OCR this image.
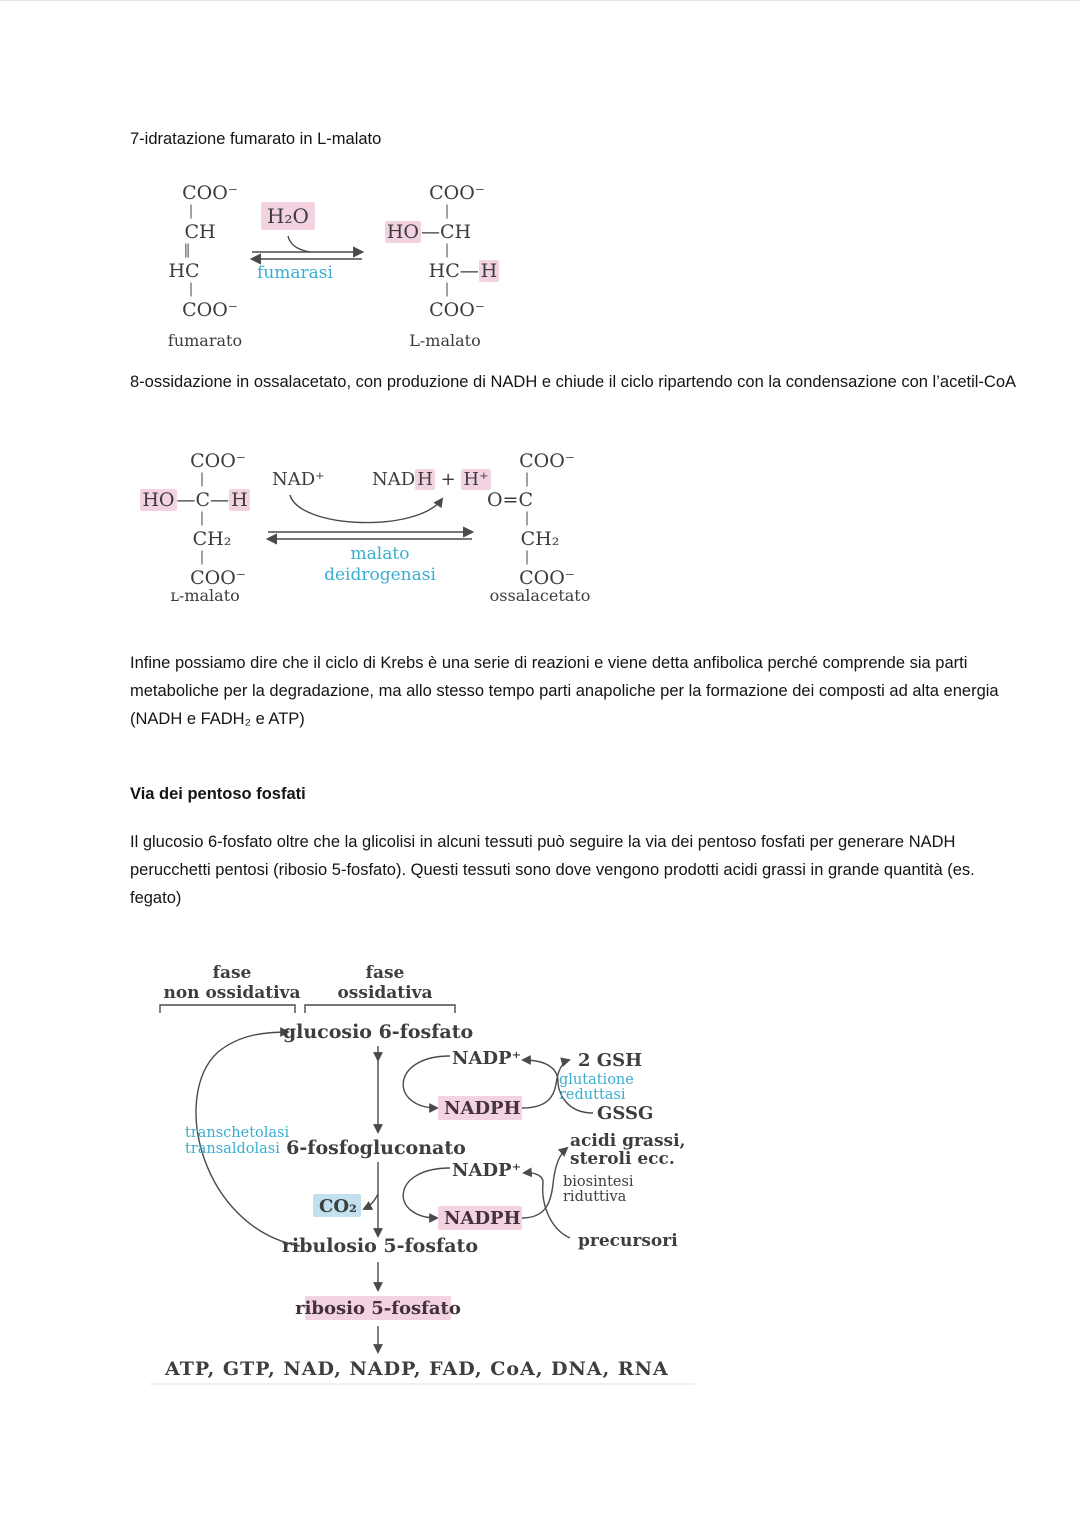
7-idratazione fumarato in L-malato
COO⁻
|
CH
‖
HC
|
COO⁻
fumarato
H₂O
fumarasi
COO⁻
|
HO —CH
|
HC— H
|
COO⁻
L-malato
8-ossidazione in ossalacetato, con produzione di NADH e chiude il ciclo ripartendo con la condensazione con l’acetil-CoA
COO⁻
|
HO —C— H
|
CH₂
|
COO⁻
ʟ-malato
NAD⁺	NAD H + H⁺
malato
deidrogenasi
COO⁻
|
O=C
|
CH₂
|
COO⁻
ossalacetato
Infine possiamo dire che il ciclo di Krebs è una serie di reazioni e viene detta anfibolica perché comprende sia parti metaboliche per la degradazione, ma allo stesso tempo parti anapoliche per la formazione dei composti ad alta energia (NADH e FADH₂ e ATP)
Via dei pentoso fosfati
Il glucosio 6-fosfato oltre che la glicolisi in alcuni tessuti può seguire la via dei pentoso fosfati per generare NADH perucchetti pentosi (ribosio 5-fosfato). Questi tessuti sono dove vengono prodotti acidi grassi in grande quantità (es. fegato)
fase
non ossidativa
fase
ossidativa
transchetolasi
transaldolasi
glucosio 6-fosfato
NADP⁺
NADPH
2 GSH
glutatione
reduttasi
GSSG
6-fosfogluconato
NADP⁺
NADPH
CO₂
acidi grassi,
steroli ecc.
biosintesi
riduttiva
precursori
ribulosio 5-fosfato
ribosio 5-fosfato
ATP, GTP, NAD, NADP, FAD, CoA, DNA, RNA
